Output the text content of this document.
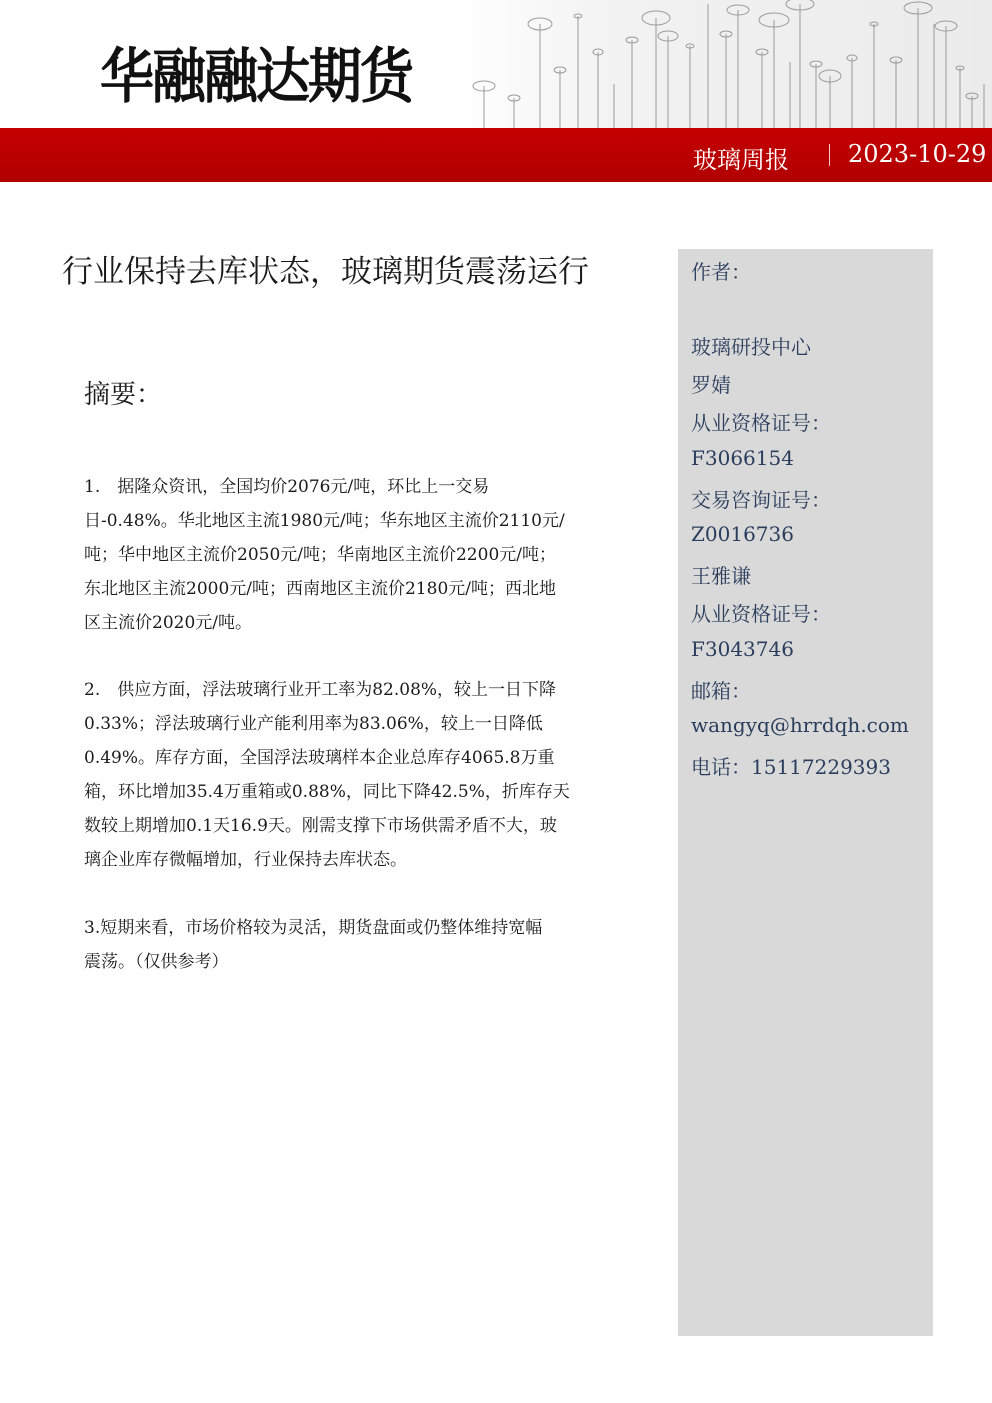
华融融达期货
玻璃周报 2023-10-29
行业保持去库状态，玻璃期货震荡运行
摘要：
1.　据隆众资讯，全国均价2076元/吨，环比上一交易
日-0.48%。华北地区主流1980元/吨；华东地区主流价2110元/
吨；华中地区主流价2050元/吨；华南地区主流价2200元/吨；
东北地区主流2000元/吨；西南地区主流价2180元/吨；西北地
区主流价2020元/吨。
2.　供应方面，浮法玻璃行业开工率为82.08%，较上一日下降
0.33%；浮法玻璃行业产能利用率为83.06%，较上一日降低
0.49%。库存方面，全国浮法玻璃样本企业总库存4065.8万重
箱，环比增加35.4万重箱或0.88%，同比下降42.5%，折库存天
数较上期增加0.1天16.9天。刚需支撑下市场供需矛盾不大，玻
璃企业库存微幅增加，行业保持去库状态。
3.短期来看，市场价格较为灵活，期货盘面或仍整体维持宽幅
震荡。（仅供参考）
作者：
玻璃研投中心
罗婧
从业资格证号：
F3066154
交易咨询证号：
Z0016736
王雅谦
从业资格证号：
F3043746
邮箱：
wangyq@hrrdqh.com
电话：15117229393
